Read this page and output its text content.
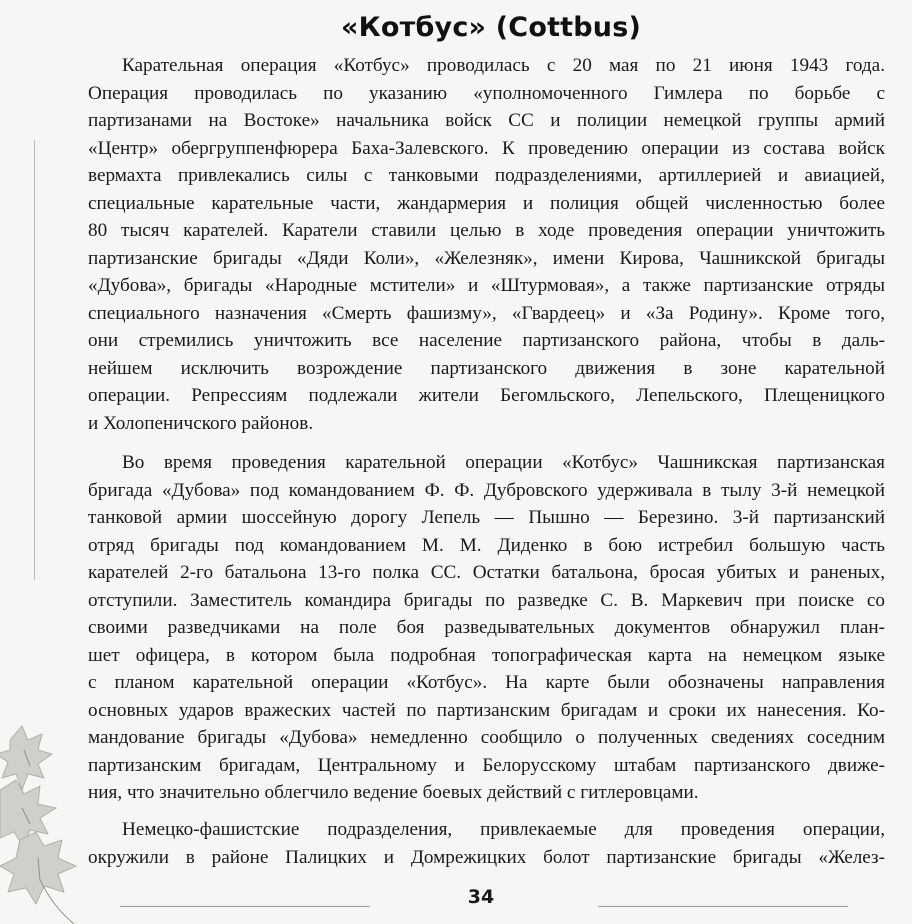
«Котбус» (Cottbus)
Карательная операция «Котбус» проводилась с 20 мая по 21 июня 1943 года.
Операция проводилась по указанию «уполномоченного Гимлера по борьбе с
партизанами на Востоке» начальника войск СС и полиции немецкой группы армий
«Центр» обергруппенфюрера Баха-Залевского. К проведению операции из состава войск
вермахта привлекались силы с танковыми подразделениями, артиллерией и авиацией,
специальные карательные части, жандармерия и полиция общей численностью более
80 тысяч карателей. Каратели ставили целью в ходе проведения операции уничтожить
партизанские бригады «Дяди Коли», «Железняк», имени Кирова, Чашникской бригады
«Дубова», бригады «Народные мстители» и «Штурмовая», а также партизанские отряды
специального назначения «Смерть фашизму», «Гвардеец» и «За Родину». Кроме того,
они стремились уничтожить все население партизанского района, чтобы в даль-
нейшем исключить возрождение партизанского движения в зоне карательной
операции. Репрессиям подлежали жители Бегомльского, Лепельского, Плещеницкого
и Холопеничского районов.
Во время проведения карательной операции «Котбус» Чашникская партизанская
бригада «Дубова» под командованием Ф. Ф. Дубровского удерживала в тылу 3-й немецкой
танковой армии шоссейную дорогу Лепель — Пышно — Березино. 3-й партизанский
отряд бригады под командованием М. М. Диденко в бою истребил большую часть
карателей 2-го батальона 13-го полка СС. Остатки батальона, бросая убитых и раненых,
отступили. Заместитель командира бригады по разведке С. В. Маркевич при поиске со
своими разведчиками на поле боя разведывательных документов обнаружил план-
шет офицера, в котором была подробная топографическая карта на немецком языке
с планом карательной операции «Котбус». На карте были обозначены направления
основных ударов вражеских частей по партизанским бригадам и сроки их нанесения. Ко-
мандование бригады «Дубова» немедленно сообщило о полученных сведениях соседним
партизанским бригадам, Центральному и Белорусскому штабам партизанского движе-
ния, что значительно облегчило ведение боевых действий с гитлеровцами.
Немецко-фашистские подразделения, привлекаемые для проведения операции,
окружили в районе Палицких и Домрежицких болот партизанские бригады «Желез-
34
